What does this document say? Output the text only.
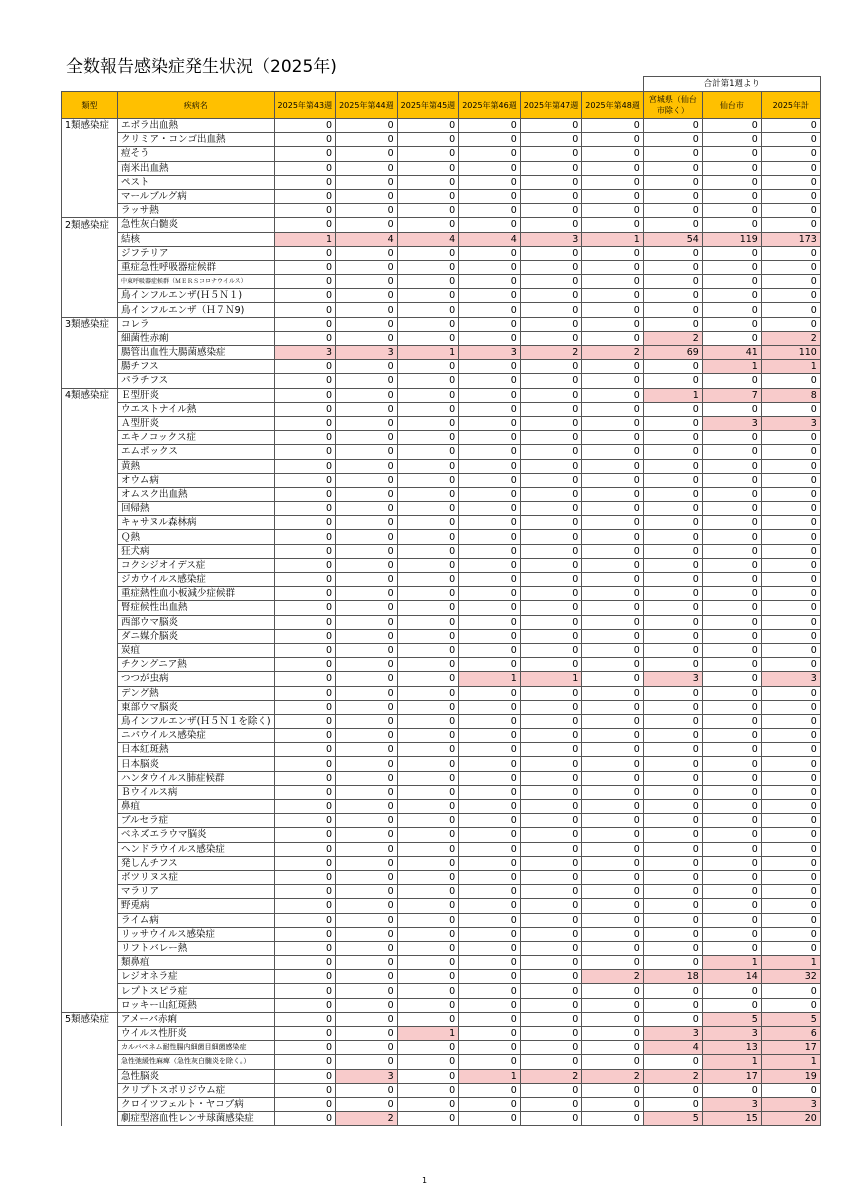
全数報告感染症発生状況（2025年)
								合計第1週より		
類型	疾病名	2025年第43週	2025年第44週	2025年第45週	2025年第46週	2025年第47週	2025年第48週	宮城県（仙台市除く）	仙台市	2025年計
1類感染症	エボラ出血熱	0	0	0	0	0	0	0	0	0
	クリミア・コンゴ出血熱	0	0	0	0	0	0	0	0	0
	痘そう	0	0	0	0	0	0	0	0	0
	南米出血熱	0	0	0	0	0	0	0	0	0
	ペスト	0	0	0	0	0	0	0	0	0
	マールブルグ病	0	0	0	0	0	0	0	0	0
	ラッサ熱	0	0	0	0	0	0	0	0	0
2類感染症	急性灰白髄炎	0	0	0	0	0	0	0	0	0
	結核	1	4	4	4	3	1	54	119	173
	ジフテリア	0	0	0	0	0	0	0	0	0
	重症急性呼吸器症候群	0	0	0	0	0	0	0	0	0
	中東呼吸器症候群（ＭＥＲＳコロナウイルス）	0	0	0	0	0	0	0	0	0
	鳥インフルエンザ(Ｈ５Ｎ１)	0	0	0	0	0	0	0	0	0
	鳥インフルエンザ（Ｈ７Ｎ9)	0	0	0	0	0	0	0	0	0
3類感染症	コレラ	0	0	0	0	0	0	0	0	0
	細菌性赤痢	0	0	0	0	0	0	2	0	2
	腸管出血性大腸菌感染症	3	3	1	3	2	2	69	41	110
	腸チフス	0	0	0	0	0	0	0	1	1
	パラチフス	0	0	0	0	0	0	0	0	0
4類感染症	Ｅ型肝炎	0	0	0	0	0	0	1	7	8
	ウエストナイル熱	0	0	0	0	0	0	0	0	0
	Ａ型肝炎	0	0	0	0	0	0	0	3	3
	エキノコックス症	0	0	0	0	0	0	0	0	0
	エムポックス	0	0	0	0	0	0	0	0	0
	黄熱	0	0	0	0	0	0	0	0	0
	オウム病	0	0	0	0	0	0	0	0	0
	オムスク出血熱	0	0	0	0	0	0	0	0	0
	回帰熱	0	0	0	0	0	0	0	0	0
	キャサヌル森林病	0	0	0	0	0	0	0	0	0
	Ｑ熱	0	0	0	0	0	0	0	0	0
	狂犬病	0	0	0	0	0	0	0	0	0
	コクシジオイデス症	0	0	0	0	0	0	0	0	0
	ジカウイルス感染症	0	0	0	0	0	0	0	0	0
	重症熱性血小板減少症候群	0	0	0	0	0	0	0	0	0
	腎症候性出血熱	0	0	0	0	0	0	0	0	0
	西部ウマ脳炎	0	0	0	0	0	0	0	0	0
	ダニ媒介脳炎	0	0	0	0	0	0	0	0	0
	炭疽	0	0	0	0	0	0	0	0	0
	チクングニア熱	0	0	0	0	0	0	0	0	0
	つつが虫病	0	0	0	1	1	0	3	0	3
	デング熱	0	0	0	0	0	0	0	0	0
	東部ウマ脳炎	0	0	0	0	0	0	0	0	0
	鳥インフルエンザ(Ｈ５Ｎ１を除く)	0	0	0	0	0	0	0	0	0
	ニパウイルス感染症	0	0	0	0	0	0	0	0	0
	日本紅斑熱	0	0	0	0	0	0	0	0	0
	日本脳炎	0	0	0	0	0	0	0	0	0
	ハンタウイルス肺症候群	0	0	0	0	0	0	0	0	0
	Ｂウイルス病	0	0	0	0	0	0	0	0	0
	鼻疽	0	0	0	0	0	0	0	0	0
	ブルセラ症	0	0	0	0	0	0	0	0	0
	ベネズエラウマ脳炎	0	0	0	0	0	0	0	0	0
	ヘンドラウイルス感染症	0	0	0	0	0	0	0	0	0
	発しんチフス	0	0	0	0	0	0	0	0	0
	ボツリヌス症	0	0	0	0	0	0	0	0	0
	マラリア	0	0	0	0	0	0	0	0	0
	野兎病	0	0	0	0	0	0	0	0	0
	ライム病	0	0	0	0	0	0	0	0	0
	リッサウイルス感染症	0	0	0	0	0	0	0	0	0
	リフトバレー熱	0	0	0	0	0	0	0	0	0
	類鼻疽	0	0	0	0	0	0	0	1	1
	レジオネラ症	0	0	0	0	0	2	18	14	32
	レプトスピラ症	0	0	0	0	0	0	0	0	0
	ロッキー山紅斑熱	0	0	0	0	0	0	0	0	0
5類感染症	アメーバ赤痢	0	0	0	0	0	0	0	5	5
	ウイルス性肝炎	0	0	1	0	0	0	3	3	6
	カルバペネム耐性腸内細菌目細菌感染症	0	0	0	0	0	0	4	13	17
	急性弛緩性麻痺（急性灰白髄炎を除く。）	0	0	0	0	0	0	0	1	1
	急性脳炎	0	3	0	1	2	2	2	17	19
	クリプトスポリジウム症	0	0	0	0	0	0	0	0	0
	クロイツフェルト・ヤコブ病	0	0	0	0	0	0	0	3	3
	劇症型溶血性レンサ球菌感染症	0	2	0	0	0	0	5	15	20
1
